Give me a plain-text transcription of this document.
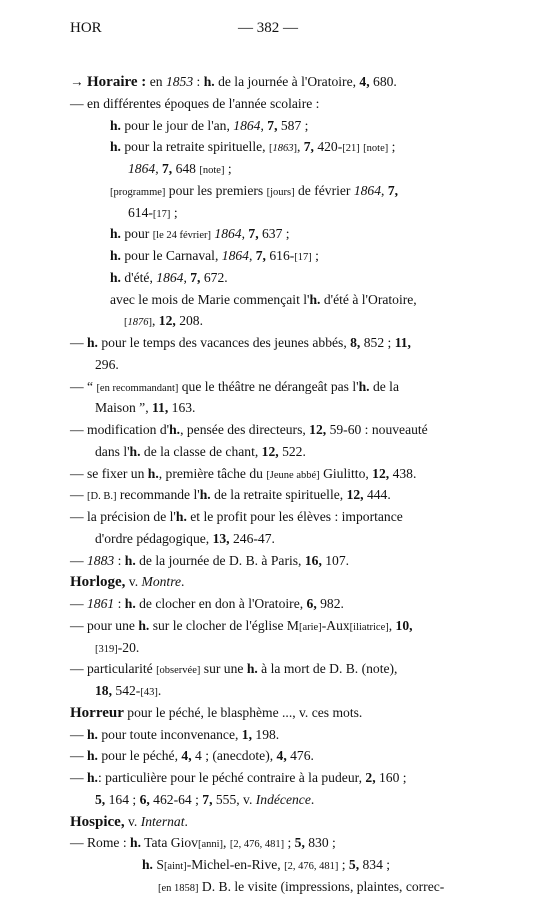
HOR	— 382 —
→ Horaire : en 1853 : h. de la journée à l'Oratoire, 4, 680.
— en différentes époques de l'année scolaire :
h. pour le jour de l'an, 1864, 7, 587 ;
h. pour la retraite spirituelle, [1863], 7, 420-[21] [note] ;
1864, 7, 648 [note] ;
[programme] pour les premiers [jours] de février 1864, 7,
614-[17] ;
h. pour [le 24 février] 1864, 7, 637 ;
h. pour le Carnaval, 1864, 7, 616-[17] ;
h. d'été, 1864, 7, 672.
avec le mois de Marie commençait l'h. d'été à l'Oratoire,
[1876], 12, 208.
— h. pour le temps des vacances des jeunes abbés, 8, 852 ; 11,
296.
— “ [en recommandant] que le théâtre ne dérangeât pas l'h. de la
Maison ”, 11, 163.
— modification d'h., pensée des directeurs, 12, 59-60 : nouveauté
dans l'h. de la classe de chant, 12, 522.
— se fixer un h., première tâche du [Jeune abbé] Giulitto, 12, 438.
— [D. B.] recommande l'h. de la retraite spirituelle, 12, 444.
— la précision de l'h. et le profit pour les élèves : importance
d'ordre pédagogique, 13, 246-47.
— 1883 : h. de la journée de D. B. à Paris, 16, 107.
Horloge, v. Montre.
— 1861 : h. de clocher en don à l'Oratoire, 6, 982.
— pour une h. sur le clocher de l'église M[arie]-Aux[iliatrice], 10,
[319]-20.
— particularité [observée] sur une h. à la mort de D. B. (note),
18, 542-[43].
Horreur pour le péché, le blasphème ..., v. ces mots.
— h. pour toute inconvenance, 1, 198.
— h. pour le péché, 4, 4 ; (anecdote), 4, 476.
— h.: particulière pour le péché contraire à la pudeur, 2, 160 ;
5, 164 ; 6, 462-64 ; 7, 555, v. Indécence.
Hospice, v. Internat.
— Rome : h. Tata Giov[anni], [2, 476, 481] ; 5, 830 ;
h. S[aint]-Michel-en-Rive, [2, 476, 481] ; 5, 834 ;
[en 1858] D. B. le visite (impressions, plaintes, correc-
